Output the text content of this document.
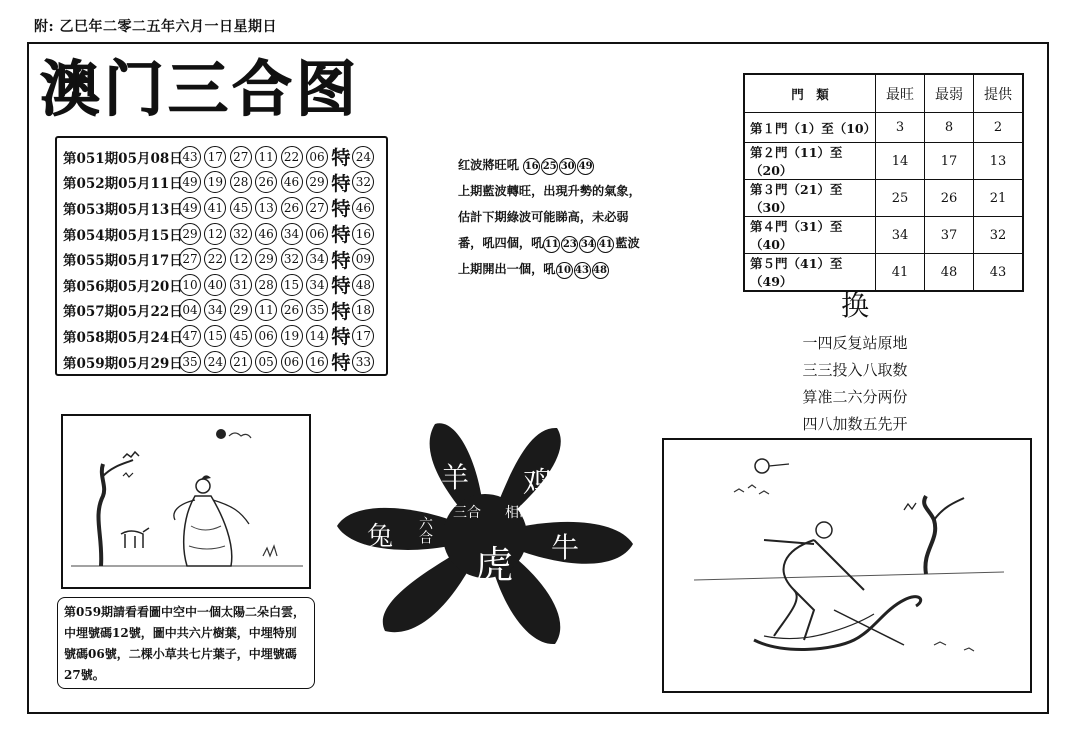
附: 乙巳年二零二五年六月一日星期日
澳门三合图
第051期05月08日 43 17 27 11 22 06 特 24
第052期05月11日 49 19 28 26 46 29 特 32
第053期05月13日 49 41 45 13 26 27 特 46
第054期05月15日 29 12 32 46 34 06 特 16
第055期05月17日 27 22 12 29 32 34 特 09
第056期05月20日 10 40 31 28 15 34 特 48
第057期05月22日 04 34 29 11 26 35 特 18
第058期05月24日 47 15 45 06 19 14 特 17
第059期05月29日 35 24 21 05 06 16 特 33
红波將旺吼
16 25 30 49
上期藍波轉旺，出現升勢的氣象，
估計下期綠波可能睇高，未必弱
番，吼四個，吼 11 23 34 41 藍波
上期開出一個，吼 10 43 48
門　類	最旺	最弱	提供
第１門（1）至（10）	3	8	2
第２門（11）至（20）	14	17	13
第３門（21）至（30）	25	26	21
第４門（31）至（40）	34	37	32
第５門（41）至（49）	41	48	43
换
一四反复站原地
三三投入八取数
算准二六分两份
四八加数五先开
第059期請看看圖中空中一個太陽二朵白雲，中埋號碼12號，圖中共六片樹葉，中埋特別號碼06號，二棵小草共七片葉子，中埋號碼27號。
羊 鸡
三合 相冲
兔 六合
虎 牛
